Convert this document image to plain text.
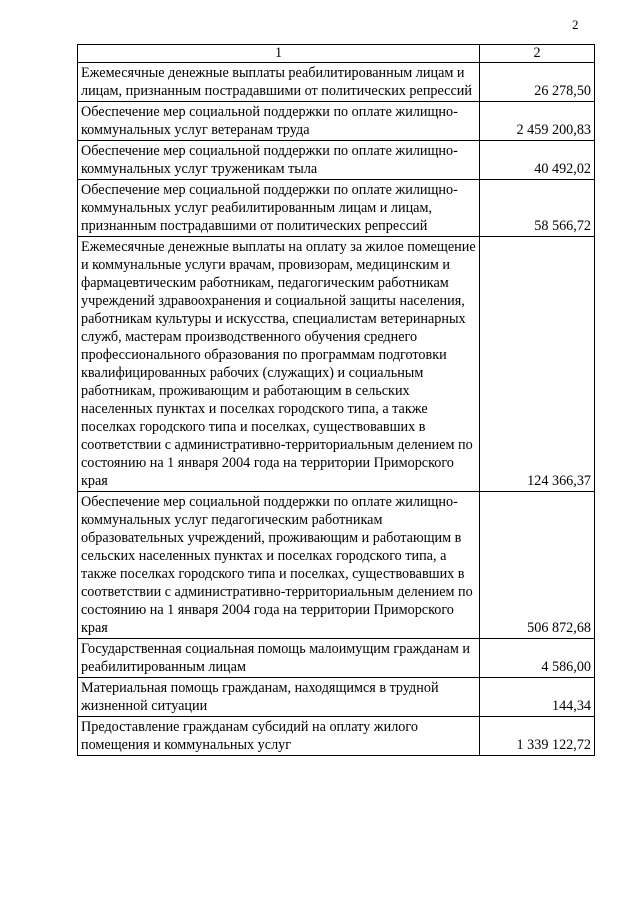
2
1	2
Ежемесячные денежные выплаты реабилитированным лицам и лицам, признанным пострадавшими от политических репрессий	26 278,50
Обеспечение мер социальной поддержки по оплате жилищно-коммунальных услуг ветеранам труда	2 459 200,83
Обеспечение мер социальной поддержки по оплате жилищно-коммунальных услуг труженикам тыла	40 492,02
Обеспечение мер социальной поддержки по оплате жилищно-коммунальных услуг реабилитированным лицам и лицам, признанным пострадавшими от политических репрессий	58 566,72
Ежемесячные денежные выплаты на оплату за жилое помещение и коммунальные услуги врачам, провизорам, медицинским и фармацевтическим работникам, педагогическим работникам учреждений здравоохранения и социальной защиты населения, работникам культуры и искусства, специалистам ветеринарных служб, мастерам производственного обучения среднего профессионального образования по программам подготовки квалифицированных рабочих (служащих) и социальным работникам, проживающим и работающим в сельских населенных пунктах и поселках городского типа, а также поселках городского типа и поселках, существовавших в соответствии с административно-территориальным делением по состоянию на 1 января 2004 года на территории Приморского края	124 366,37
Обеспечение мер социальной поддержки по оплате жилищно-коммунальных услуг педагогическим работникам образовательных учреждений, проживающим и работающим в сельских населенных пунктах и поселках городского типа, а также поселках городского типа и поселках, существовавших в соответствии с административно-территориальным делением по состоянию на 1 января 2004 года на территории Приморского края	506 872,68
Государственная социальная помощь малоимущим гражданам и реабилитированным лицам	4 586,00
Материальная помощь гражданам, находящимся в трудной жизненной ситуации	144,34
Предоставление гражданам субсидий на оплату жилого помещения и коммунальных услуг	1 339 122,72
